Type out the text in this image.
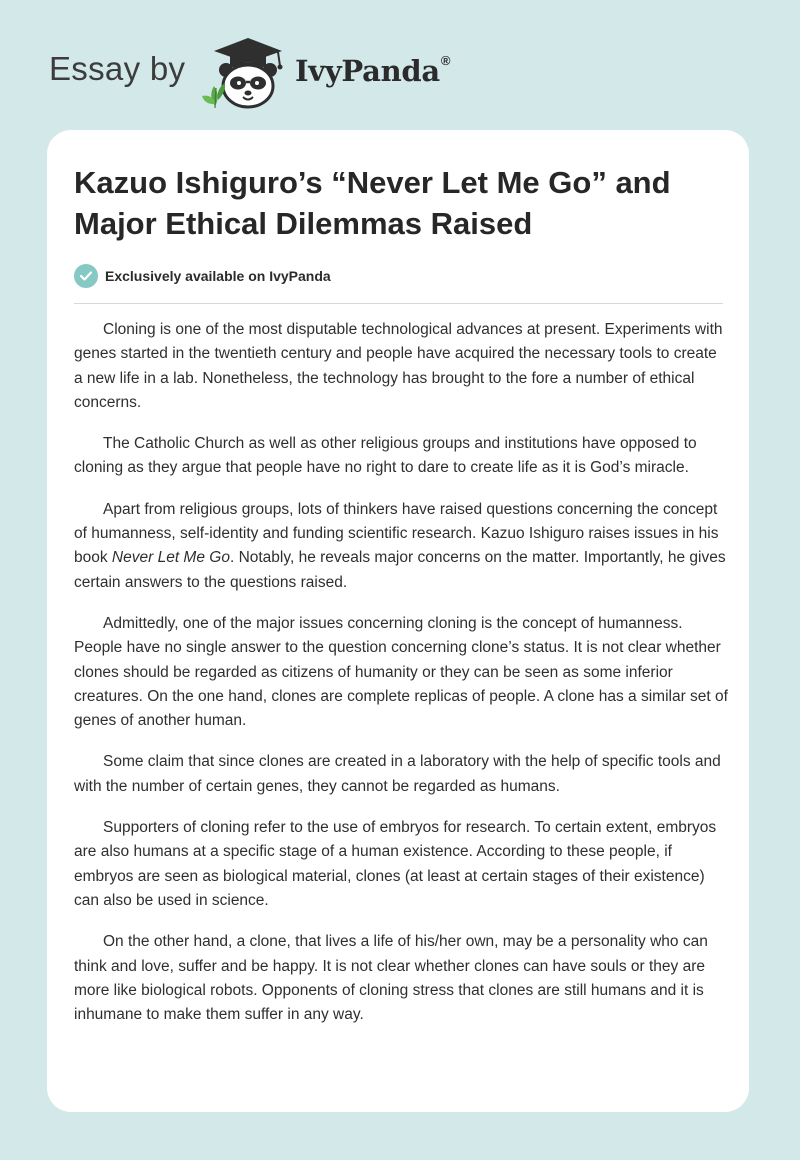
Essay by	IvyPanda®
Kazuo Ishiguro’s “Never Let Me Go” and Major Ethical Dilemmas Raised
Exclusively available on IvyPanda

Cloning is one of the most disputable technological advances at present. Experiments with genes started in the twentieth century and people have acquired the necessary tools to create a new life in a lab. Nonetheless, the technology has brought to the fore a number of ethical concerns.

The Catholic Church as well as other religious groups and institutions have opposed to cloning as they argue that people have no right to dare to create life as it is God’s miracle.

Apart from religious groups, lots of thinkers have raised questions concerning the concept of humanness, self-identity and funding scientific research. Kazuo Ishiguro raises issues in his book Never Let Me Go. Notably, he reveals major concerns on the matter. Importantly, he gives certain answers to the questions raised.

Admittedly, one of the major issues concerning cloning is the concept of humanness. People have no single answer to the question concerning clone’s status. It is not clear whether clones should be regarded as citizens of humanity or they can be seen as some inferior creatures. On the one hand, clones are complete replicas of people. A clone has a similar set of genes of another human.

Some claim that since clones are created in a laboratory with the help of specific tools and with the number of certain genes, they cannot be regarded as humans.

Supporters of cloning refer to the use of embryos for research. To certain extent, embryos are also humans at a specific stage of a human existence. According to these people, if embryos are seen as biological material, clones (at least at certain stages of their existence) can also be used in science.

On the other hand, a clone, that lives a life of his/her own, may be a personality who can think and love, suffer and be happy. It is not clear whether clones can have souls or they are more like biological robots. Opponents of cloning stress that clones are still humans and it is inhumane to make them suffer in any way.
